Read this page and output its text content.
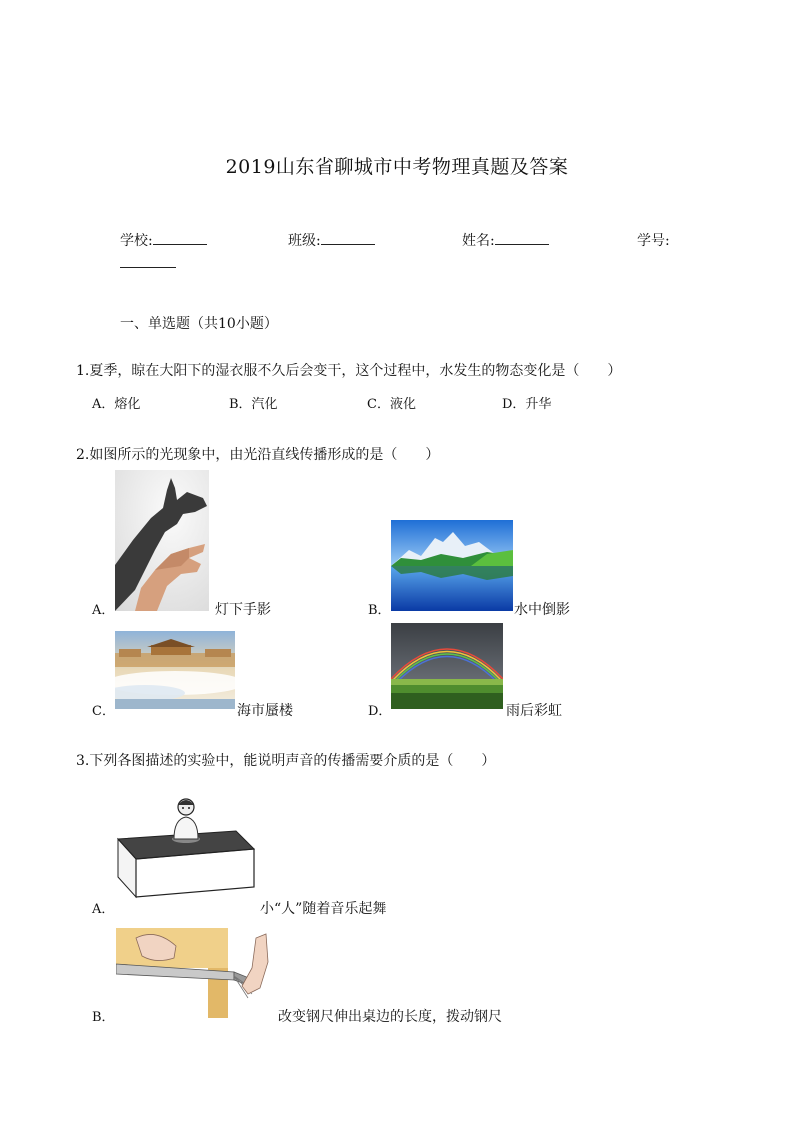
2019山东省聊城市中考物理真题及答案
学校:	班级:	姓名:	学号:
一、单选题（共10小题）
1.夏季，晾在大阳下的湿衣服不久后会变干，这个过程中，水发生的物态变化是（　　）
A．熔化	B．汽化	C．液化	D．升华
2.如图所示的光现象中，由光沿直线传播形成的是（　　）
A．	灯下手影	B．	水中倒影
C．	海市蜃楼	D．	雨后彩虹
3.下列各图描述的实验中，能说明声音的传播需要介质的是（　　）
A．	小“人”随着音乐起舞
B．	改变钢尺伸出桌边的长度，拨动钢尺
